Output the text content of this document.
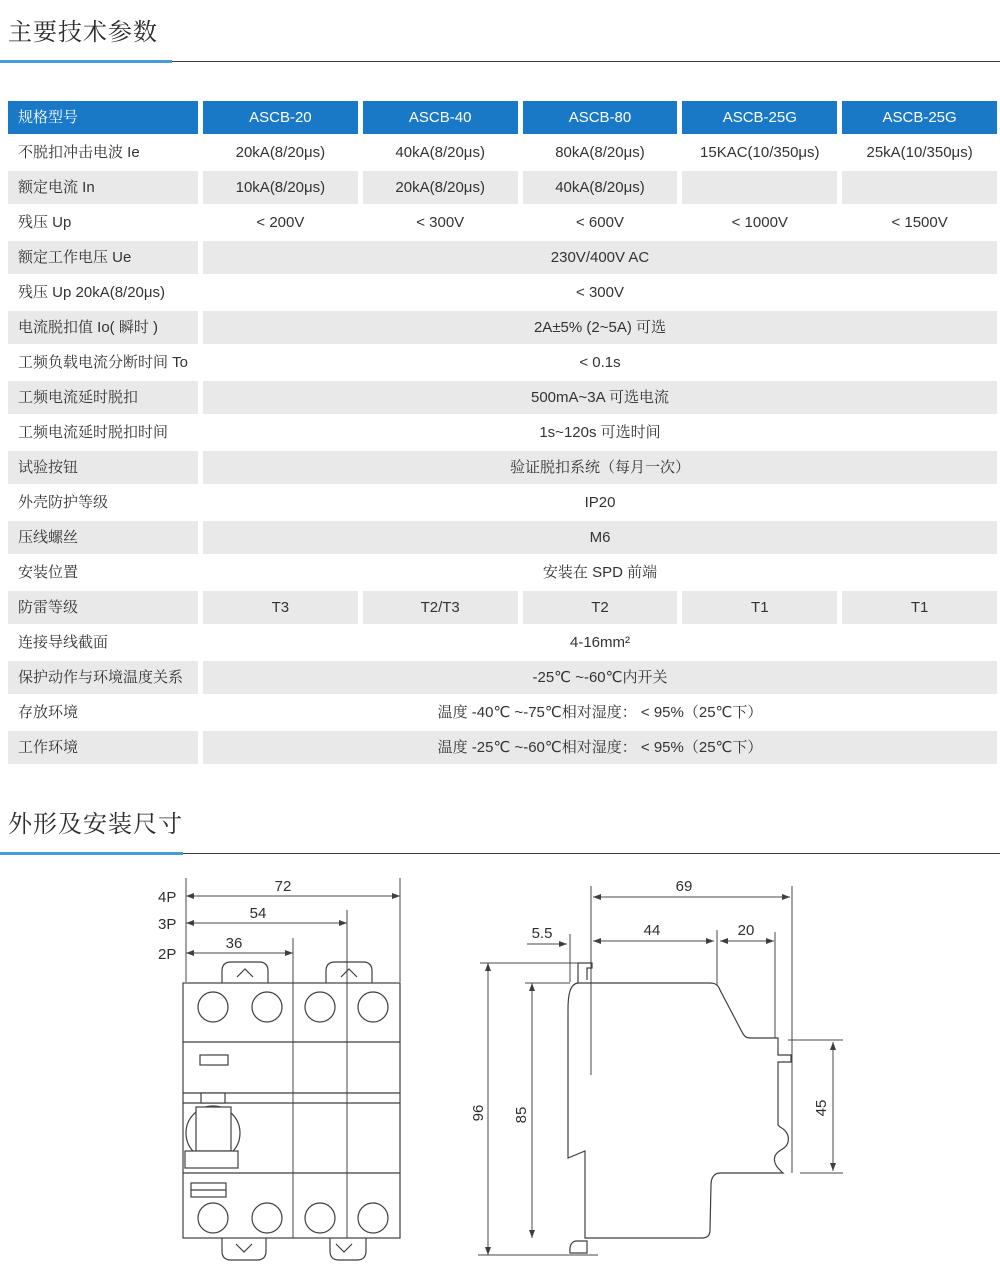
主要技术参数
规格型号	ASCB-20	ASCB-40	ASCB-80	ASCB-25G	ASCB-25G
不脱扣冲击电波 Ie	20kA(8/20μs)	40kA(8/20μs)	80kA(8/20μs)	15KAC(10/350μs)	25kA(10/350μs)
额定电流 In	10kA(8/20μs)	20kA(8/20μs)	40kA(8/20μs)
残压 Up	< 200V	< 300V	< 600V	< 1000V	< 1500V
额定工作电压 Ue	230V/400V AC
残压 Up 20kA(8/20μs)	< 300V
电流脱扣值 Io( 瞬时 )	2A±5% (2~5A) 可选
工频负载电流分断时间 To	< 0.1s
工频电流延时脱扣	500mA~3A 可选电流
工频电流延时脱扣时间	1s~120s 可选时间
试验按钮	验证脱扣系统（每月一次）
外壳防护等级	IP20
压线螺丝	M6
安装位置	安装在 SPD 前端
防雷等级	T3	T2/T3	T2	T1	T1
连接导线截面	4-16mm²
保护动作与环境温度关系	-25℃ ~-60℃内开关
存放环境	温度 -40℃ ~-75℃相对湿度： < 95%（25℃下）
工作环境	温度 -25℃ ~-60℃相对湿度： < 95%（25℃下）
外形及安装尺寸
72
54
36
4P
3P
2P
69
5.5	44	20
96 85	45
